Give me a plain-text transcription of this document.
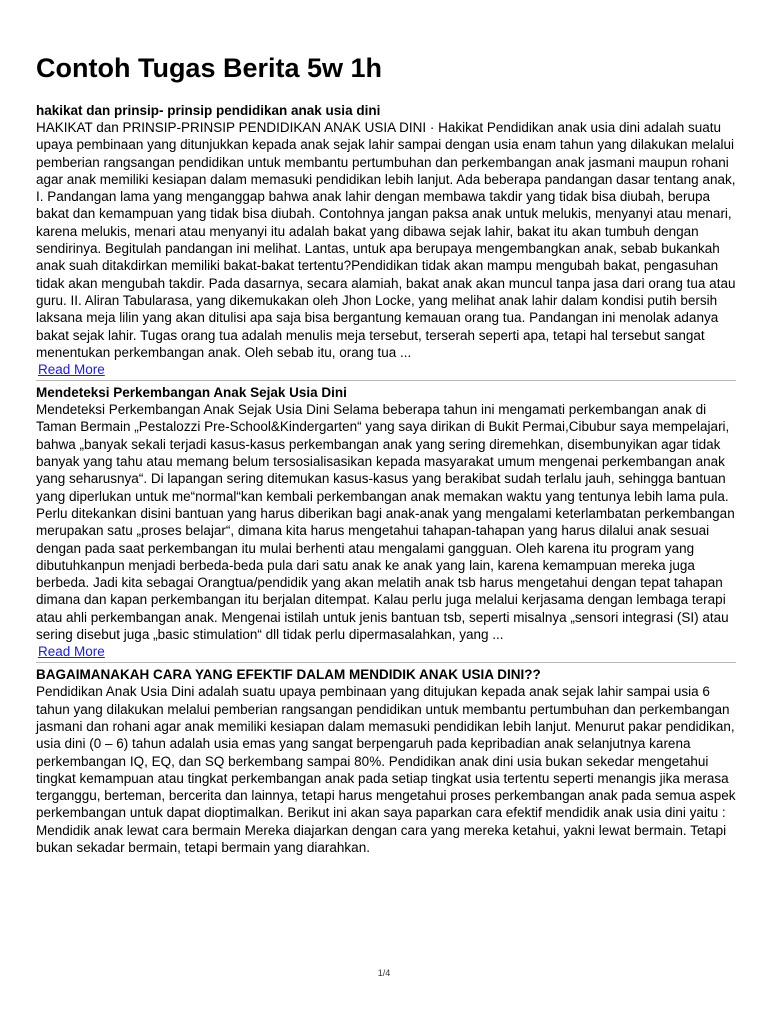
Contoh Tugas Berita 5w 1h
hakikat dan prinsip- prinsip pendidikan anak usia dini

HAKIKAT dan PRINSIP-PRINSIP PENDIDIKAN ANAK USIA DINI · Hakikat Pendidikan anak usia dini adalah suatu upaya pembinaan yang ditunjukkan kepada anak sejak lahir sampai dengan usia enam tahun yang dilakukan melalui pemberian rangsangan pendidikan untuk membantu pertumbuhan dan perkembangan anak jasmani maupun rohani agar anak memiliki kesiapan dalam memasuki pendidikan lebih lanjut. Ada beberapa pandangan dasar tentang anak, I. Pandangan lama yang menganggap bahwa anak lahir dengan membawa takdir yang tidak bisa diubah, berupa bakat dan kemampuan yang tidak bisa diubah. Contohnya jangan paksa anak untuk melukis, menyanyi atau menari, karena melukis, menari atau menyanyi itu adalah bakat yang dibawa sejak lahir, bakat itu akan tumbuh dengan sendirinya. Begitulah pandangan ini melihat. Lantas, untuk apa berupaya mengembangkan anak, sebab bukankah anak suah ditakdirkan memiliki bakat-bakat tertentu?Pendidikan tidak akan mampu mengubah bakat, pengasuhan tidak akan mengubah takdir. Pada dasarnya, secara alamiah, bakat anak akan muncul tanpa jasa dari orang tua atau guru. II. Aliran Tabularasa, yang dikemukakan oleh Jhon Locke, yang melihat anak lahir dalam kondisi putih bersih laksana meja lilin yang akan ditulisi apa saja bisa bergantung kemauan orang tua. Pandangan ini menolak adanya bakat sejak lahir. Tugas orang tua adalah menulis meja tersebut, terserah seperti apa, tetapi hal tersebut sangat menentukan perkembangan anak. Oleh sebab itu, orang tua ...

Read More
Mendeteksi Perkembangan Anak Sejak Usia Dini

Mendeteksi Perkembangan Anak Sejak Usia Dini Selama beberapa tahun ini mengamati perkembangan anak di Taman Bermain „Pestalozzi Pre-School&Kindergarten“ yang saya dirikan di Bukit Permai,Cibubur saya mempelajari, bahwa „banyak sekali terjadi kasus-kasus perkembangan anak yang sering diremehkan, disembunyikan agar tidak banyak yang tahu atau memang belum tersosialisasikan kepada masyarakat umum mengenai perkembangan anak yang seharusnya“. Di lapangan sering ditemukan kasus-kasus yang berakibat sudah terlalu jauh, sehingga bantuan yang diperlukan untuk me“normal“kan kembali perkembangan anak memakan waktu yang tentunya lebih lama pula. Perlu ditekankan disini bantuan yang harus diberikan bagi anak-anak yang mengalami keterlambatan perkembangan merupakan satu „proses belajar“, dimana kita harus mengetahui tahapan-tahapan yang harus dilalui anak sesuai dengan pada saat perkembangan itu mulai berhenti atau mengalami gangguan. Oleh karena itu program yang dibutuhkanpun menjadi berbeda-beda pula dari satu anak ke anak yang lain, karena kemampuan mereka juga berbeda. Jadi kita sebagai Orangtua/pendidik yang akan melatih anak tsb harus mengetahui dengan tepat tahapan dimana dan kapan perkembangan itu berjalan ditempat. Kalau perlu juga melalui kerjasama dengan lembaga terapi atau ahli perkembangan anak. Mengenai istilah untuk jenis bantuan tsb, seperti misalnya „sensori integrasi (SI) atau sering disebut juga „basic stimulation“ dll tidak perlu dipermasalahkan, yang ...

Read More
BAGAIMANAKAH CARA YANG EFEKTIF DALAM MENDIDIK ANAK USIA DINI??

Pendidikan Anak Usia Dini adalah suatu upaya pembinaan yang ditujukan kepada anak sejak lahir sampai usia 6 tahun yang dilakukan melalui pemberian rangsangan pendidikan untuk membantu pertumbuhan dan perkembangan jasmani dan rohani agar anak memiliki kesiapan dalam memasuki pendidikan lebih lanjut. Menurut pakar pendidikan, usia dini (0 – 6) tahun adalah usia emas yang sangat berpengaruh pada kepribadian anak selanjutnya karena perkembangan IQ, EQ, dan SQ berkembang sampai 80%. Pendidikan anak dini usia bukan sekedar mengetahui tingkat kemampuan atau tingkat perkembangan anak pada setiap tingkat usia tertentu seperti menangis jika merasa terganggu, berteman, bercerita dan lainnya, tetapi harus mengetahui proses perkembangan anak pada semua aspek perkembangan untuk dapat dioptimalkan. Berikut ini akan saya paparkan cara efektif mendidik anak usia dini yaitu : Mendidik anak lewat cara bermain Mereka diajarkan dengan cara yang mereka ketahui, yakni lewat bermain. Tetapi bukan sekadar bermain, tetapi bermain yang diarahkan.

1/4
